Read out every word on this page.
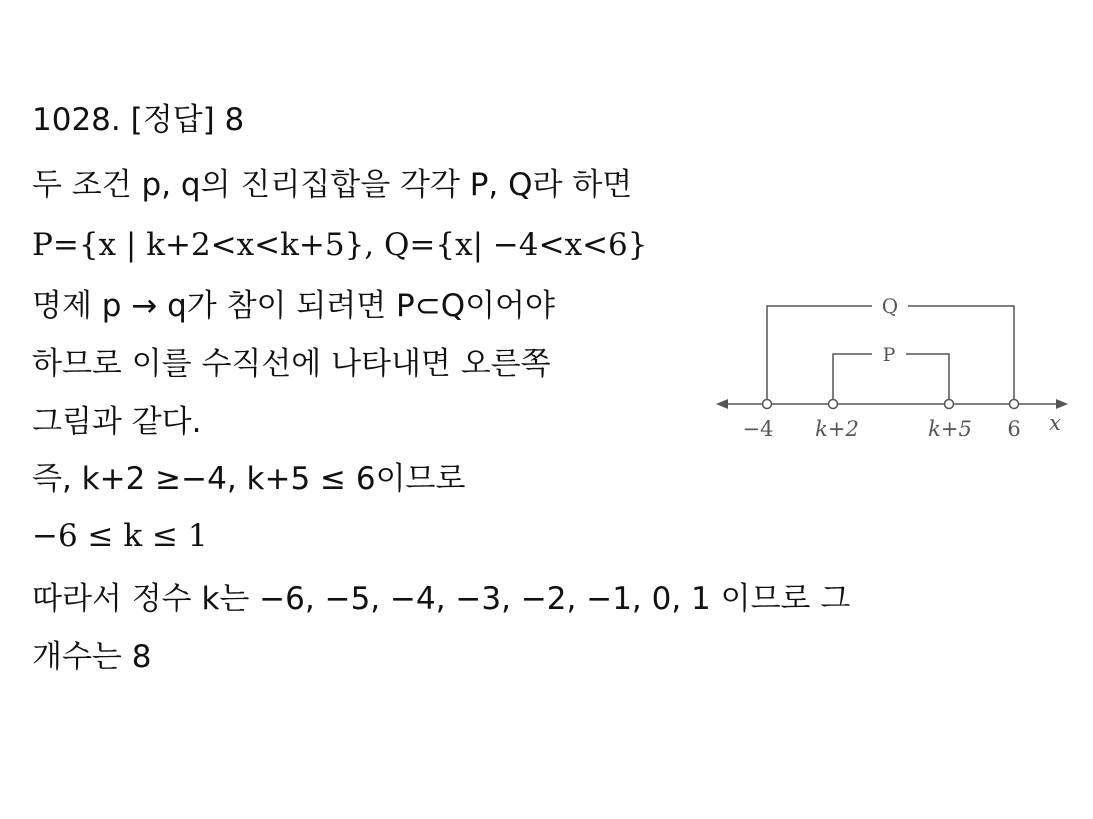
1028. [정답] 8
두 조건 p, q의 진리집합을 각각 P, Q라 하면
P={x | k+2<x<k+5}, Q={x| −4<x<6}
명제 p → q가 참이 되려면 P⊂Q이어야
하므로 이를 수직선에 나타내면 오른쪽
그림과 같다.
즉, k+2 ≥−4, k+5 ≤ 6이므로
−6 ≤ k ≤ 1
따라서 정수 k는 −6, −5, −4, −3, −2, −1, 0, 1 이므로 그
개수는 8
Q
P
−4 k+2	k+5 6 x
